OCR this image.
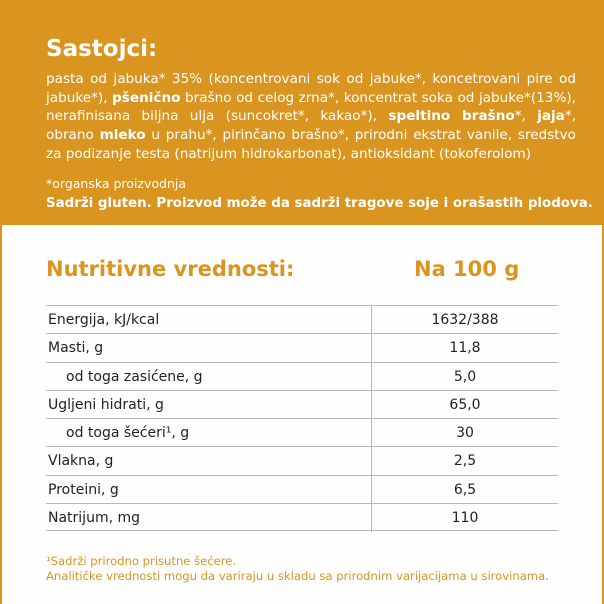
Sastojci:
pasta od jabuka* 35% (koncentrovani sok od jabuke*, koncetrovani pire od jabuke*), pšenično brašno od celog zrna*, koncentrat soka od jabuke*(13%), nerafinisana biljna ulja (suncokret*, kakao*), speltino brašno*, jaja*, obrano mleko u prahu*, pirinčano brašno*, prirodni ekstrat vanile, sredstvo za podizanje testa (natrijum hidrokarbonat), antioksidant (tokoferolom)
*organska proizvodnja
Sadrži gluten. Proizvod može da sadrži tragove soje i orašastih plodova.
Nutritivne vrednosti:	Na 100 g
Energija, kJ/kcal	1632/388
Masti, g	11,8
od toga zasićene, g	5,0
Ugljeni hidrati, g	65,0
od toga šećeri¹, g	30
Vlakna, g	2,5
Proteini, g	6,5
Natrijum, mg	110
¹Sadrži prirodno prisutne šećere.
Analitičke vrednosti mogu da variraju u skladu sa prirodnim varijacijama u sirovinama.
